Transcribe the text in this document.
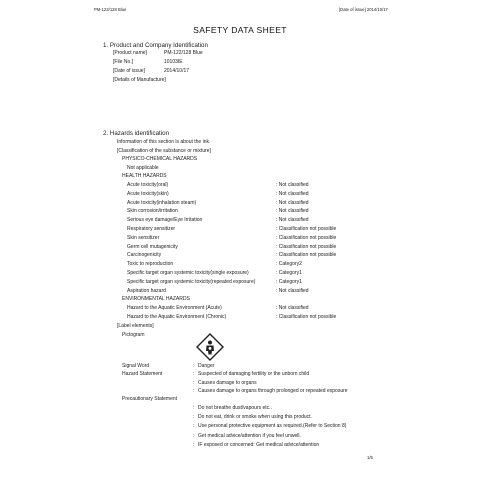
PM-122/128 Blue	[Date of issue] 2014/10/17
SAFETY DATA SHEET
1. Product and Company Identification
[Product name]	PM-122/128 Blue
[File No.]	10103IE
[Date of issue]	2014/10/17
[Details of Manufacture]
2. Hazards identification
Information of this section is about the ink.
[Classification of the substance or mixture]
PHYSICO-CHEMICAL HAZARDS
Not applicable
HEALTH HAZARDS
Acute toxicity(oral)	: Not classified
Acute toxicity(skin)	: Not classified
Acute toxicity(inhalation steam)	: Not classified
Skin corrosion/irritation	: Not classified
Serious eye damage/Eye Irritation	: Not classified
Respiratory sensitizer	: Classification not possible
Skin sensitizer	: Classification not possible
Germ cell mutagenicity	: Classification not possible
Carcinogenicity	: Classification not possible
Toxic to reproduction	: Category2
Specific target organ systemic toxicity(single exposure)	: Category1
Specific target organ systemic toxicity(repeated exposure)	: Category1
Aspiration hazard	: Not classified
ENVIRONMENTAL HAZARDS
Hazard to the Aquatic Environment (Acute)	: Not classified
Hazard to the Aquatic Environment (Chronic)	: Classification not possible
[Label elements]
Pictogram
Signal Word	: Danger
Hazard Statement	: Suspected of damaging fertility or the unborn child
: Causes damage to organs
: Causes damage to organs through prolonged or repeated exposure
Precautionary Statement
: Do not breathe dust/vapours etc..
: Do not eat, drink or smoke when using this product.
: Use personal protective equipment as required.(Refer to Section 8)
: Get medical advice/attention if you feel unwell.
: IF exposed or concerned: Get medical advice/attention
1/5
